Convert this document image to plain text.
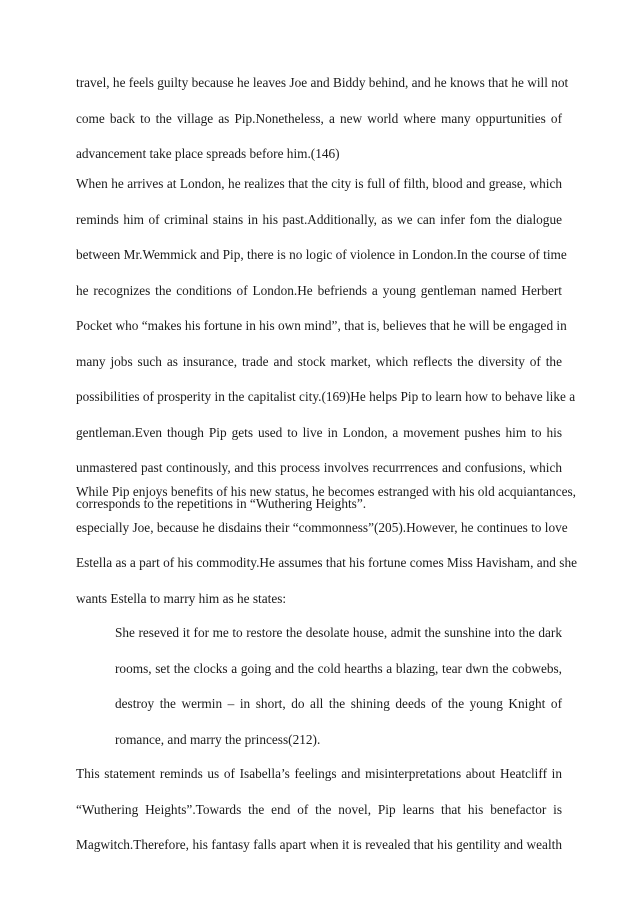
travel, he feels guilty because he leaves Joe and Biddy behind, and he knows that he will not
come back to the village as Pip.Nonetheless, a new world where many oppurtunities of
advancement take place spreads before him.(146)
When he arrives at London, he realizes that the city is full of filth, blood and grease, which
reminds him of criminal stains in his past.Additionally, as we can infer fom the dialogue
between Mr.Wemmick and Pip, there is no logic of violence in London.In the course of time
he recognizes the conditions of London.He befriends a young gentleman named Herbert
Pocket who “makes his fortune in his own mind”, that is, believes that he will be engaged in
many jobs such as insurance, trade and stock market, which reflects the diversity of the
possibilities of prosperity in the capitalist city.(169)He helps Pip to learn how to behave like a
gentleman.Even though Pip gets used to live in London, a movement pushes him to his
unmastered past continously, and this process involves recurrrences and confusions, which
corresponds to the repetitions in “Wuthering Heights”.
While Pip enjoys benefits of his new status, he becomes estranged with his old acquiantances,
especially Joe, because he disdains their “commonness”(205).However, he continues to love
Estella as a part of his commodity.He assumes that his fortune comes Miss Havisham, and she
wants Estella to marry him as he states:
She reseved it for me to restore the desolate house, admit the sunshine into the dark
rooms, set the clocks a going and the cold hearths a blazing, tear dwn the cobwebs,
destroy the wermin – in short, do all the shining deeds of the young Knight of
romance, and marry the princess(212).
This statement reminds us of Isabella’s feelings and misinterpretations about Heatcliff in
“Wuthering Heights”.Towards the end of the novel, Pip learns that his benefactor is
Magwitch.Therefore, his fantasy falls apart when it is revealed that his gentility and wealth
